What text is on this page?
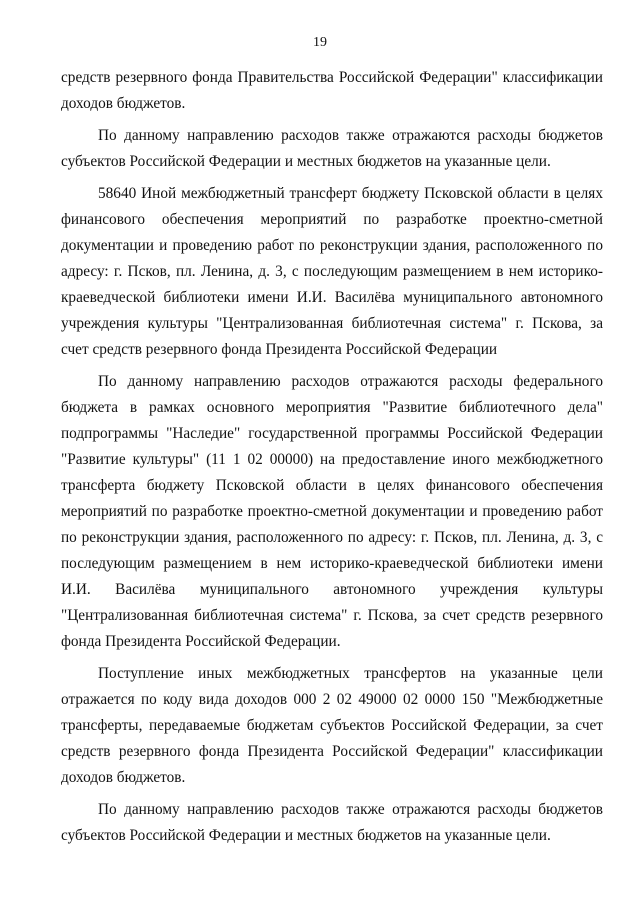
19

средств резервного фонда Правительства Российской Федерации" классификации доходов бюджетов.

По данному направлению расходов также отражаются расходы бюджетов субъектов Российской Федерации и местных бюджетов на указанные цели.

58640 Иной межбюджетный трансферт бюджету Псковской области в целях финансового обеспечения мероприятий по разработке проектно-сметной документации и проведению работ по реконструкции здания, расположенного по адресу: г. Псков, пл. Ленина, д. 3, с последующим размещением в нем историко-краеведческой библиотеки имени И.И. Василёва муниципального автономного учреждения культуры "Централизованная библиотечная система" г. Пскова, за счет средств резервного фонда Президента Российской Федерации

По данному направлению расходов отражаются расходы федерального бюджета в рамках основного мероприятия "Развитие библиотечного дела" подпрограммы "Наследие" государственной программы Российской Федерации "Развитие культуры" (11 1 02 00000) на предоставление иного межбюджетного трансферта бюджету Псковской области в целях финансового обеспечения мероприятий по разработке проектно-сметной документации и проведению работ по реконструкции здания, расположенного по адресу: г. Псков, пл. Ленина, д. 3, с последующим размещением в нем историко-краеведческой библиотеки имени И.И. Василёва муниципального автономного учреждения культуры "Централизованная библиотечная система" г. Пскова, за счет средств резервного фонда Президента Российской Федерации.

Поступление иных межбюджетных трансфертов на указанные цели отражается по коду вида доходов 000 2 02 49000 02 0000 150 "Межбюджетные трансферты, передаваемые бюджетам субъектов Российской Федерации, за счет средств резервного фонда Президента Российской Федерации" классификации доходов бюджетов.

По данному направлению расходов также отражаются расходы бюджетов субъектов Российской Федерации и местных бюджетов на указанные цели.
